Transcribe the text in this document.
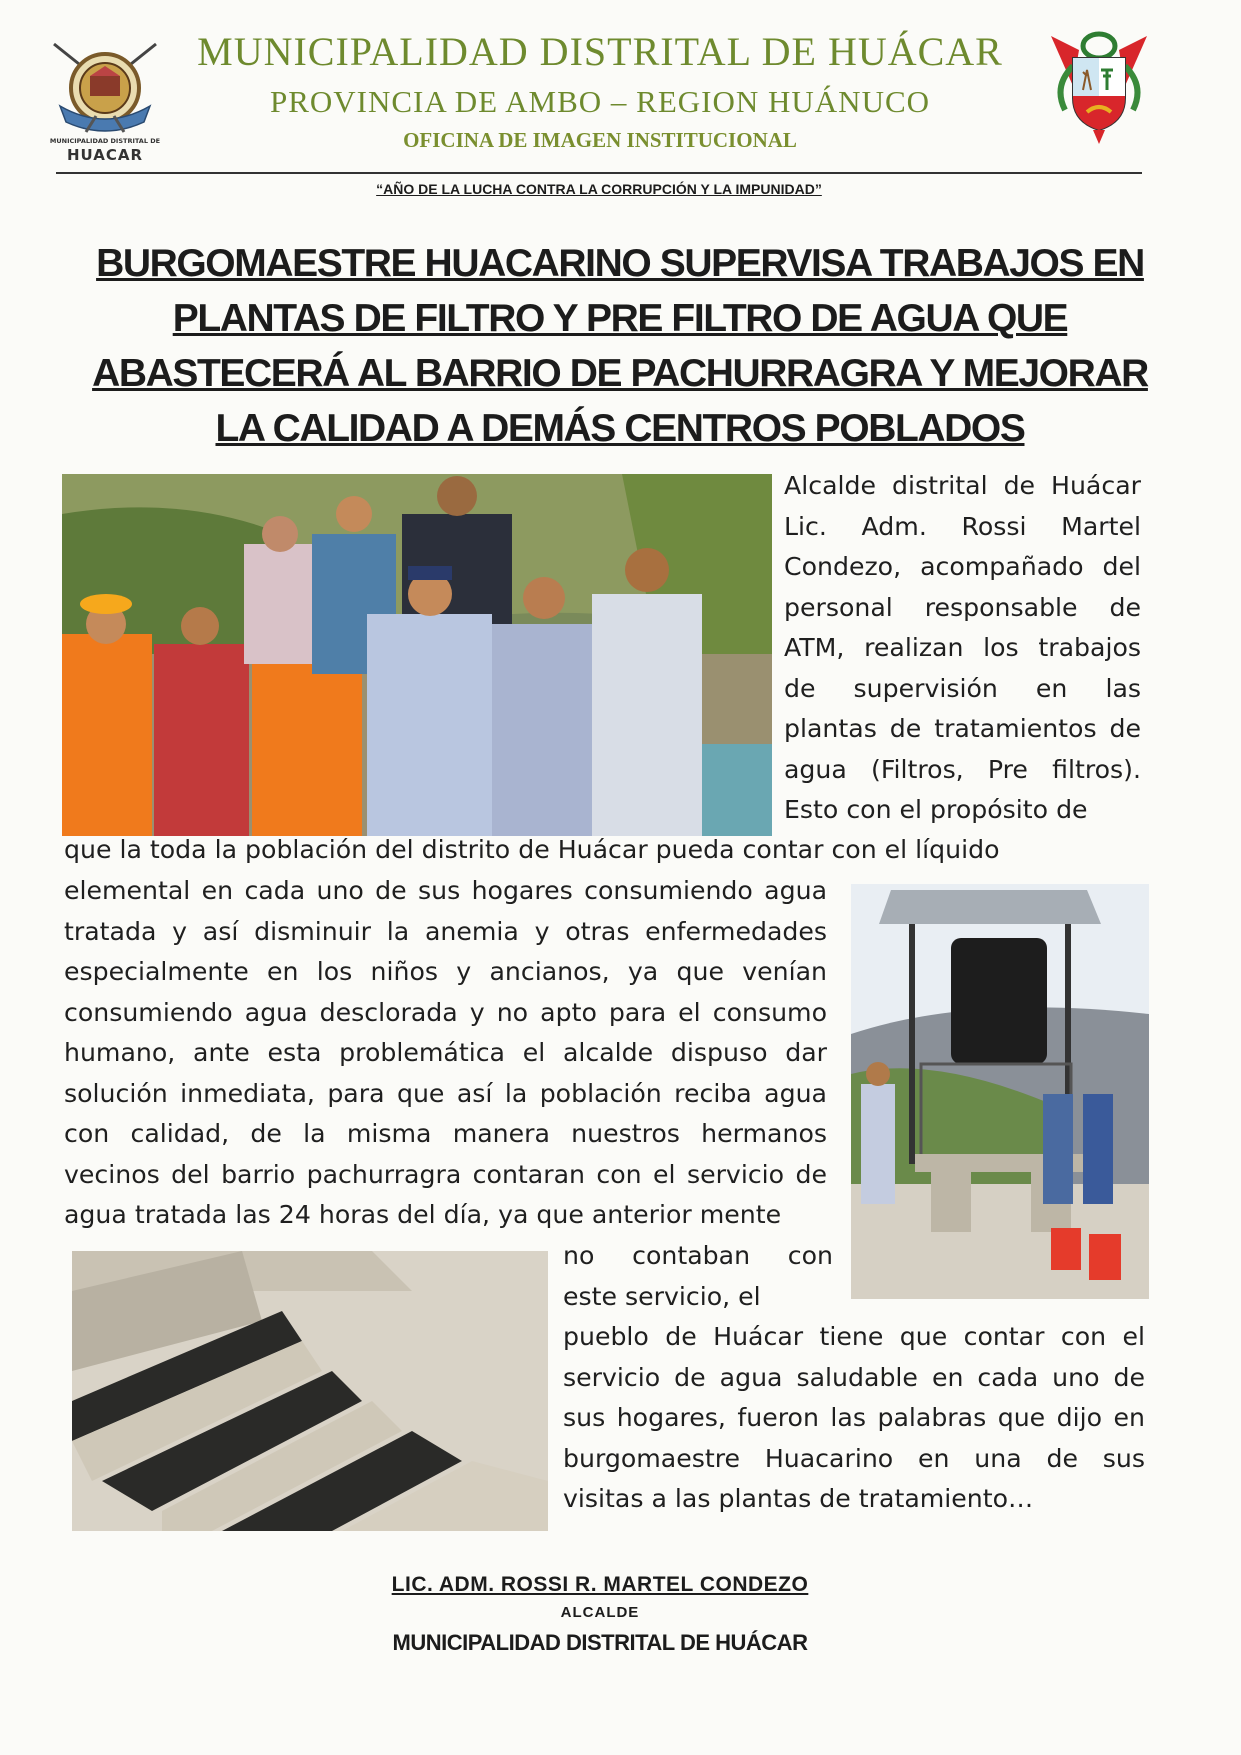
MUNICIPALIDAD DISTRITAL DE
HUACAR
MUNICIPALIDAD DISTRITAL DE HUÁCAR
PROVINCIA DE AMBO – REGION HUÁNUCO
OFICINA DE IMAGEN INSTITUCIONAL
“AÑO DE LA LUCHA CONTRA LA CORRUPCIÓN Y LA IMPUNIDAD”
BURGOMAESTRE HUACARINO SUPERVISA TRABAJOS EN
PLANTAS DE FILTRO Y PRE FILTRO DE AGUA QUE
ABASTECERÁ AL BARRIO DE PACHURRAGRA Y MEJORAR
LA CALIDAD A DEMÁS CENTROS POBLADOS
Alcalde distrital de Huácar Lic. Adm. Rossi Martel Condezo, acompañado del personal responsable de ATM, realizan los trabajos de supervisión en las plantas de tratamientos de agua (Filtros, Pre filtros). Esto con el propósito de
que la toda la población del distrito de Huácar pueda contar con el líquido
elemental en cada uno de sus hogares consumiendo agua tratada y así disminuir la anemia y otras enfermedades especialmente en los niños y ancianos, ya que venían consumiendo agua desclorada y no apto para el consumo humano, ante esta problemática el alcalde dispuso dar solución inmediata, para que así la población reciba agua con calidad, de la misma manera nuestros hermanos vecinos del barrio pachurragra contaran con el servicio de agua tratada las 24 horas del día, ya que anterior mente
no contaban con este servicio, el
pueblo de Huácar tiene que contar con el servicio de agua saludable en cada uno de sus hogares, fueron las palabras que dijo en burgomaestre Huacarino en una de sus visitas a las plantas de tratamiento…
LIC. ADM. ROSSI R. MARTEL CONDEZO
ALCALDE
MUNICIPALIDAD DISTRITAL DE HUÁCAR
